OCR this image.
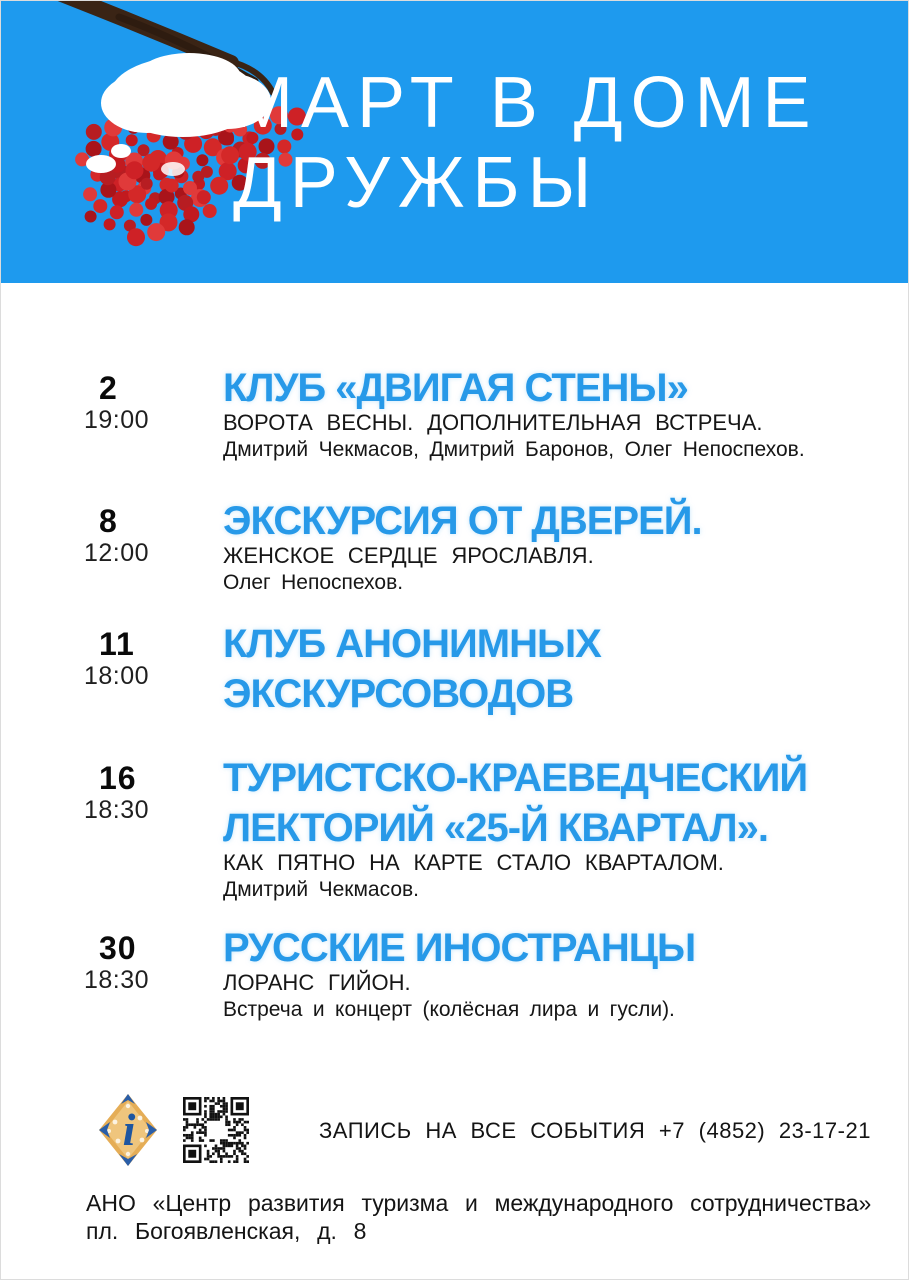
МАРТ В ДОМЕ
ДРУЖБЫ
2
19:00
КЛУБ «ДВИГАЯ СТЕНЫ»
ВОРОТА ВЕСНЫ. ДОПОЛНИТЕЛЬНАЯ ВСТРЕЧА.
Дмитрий Чекмасов, Дмитрий Баронов, Олег Непоспехов.
8
12:00
ЭКСКУРСИЯ ОТ ДВЕРЕЙ.
ЖЕНСКОЕ СЕРДЦЕ ЯРОСЛАВЛЯ.
Олег Непоспехов.
11
18:00
КЛУБ АНОНИМНЫХ
ЭКСКУРСОВОДОВ
16
18:30
ТУРИСТСКО-КРАЕВЕДЧЕСКИЙ
ЛЕКТОРИЙ «25-Й КВАРТАЛ».
КАК ПЯТНО НА КАРТЕ СТАЛО КВАРТАЛОМ.
Дмитрий Чекмасов.
30
18:30
РУССКИЕ ИНОСТРАНЦЫ
ЛОРАНС ГИЙОН.
Встреча и концерт (колёсная лира и гусли).
i	ЗАПИСЬ НА ВСЕ СОБЫТИЯ +7 (4852) 23-17-21
АНО «Центр развития туризма и международного сотрудничества»
пл. Богоявленская, д. 8
